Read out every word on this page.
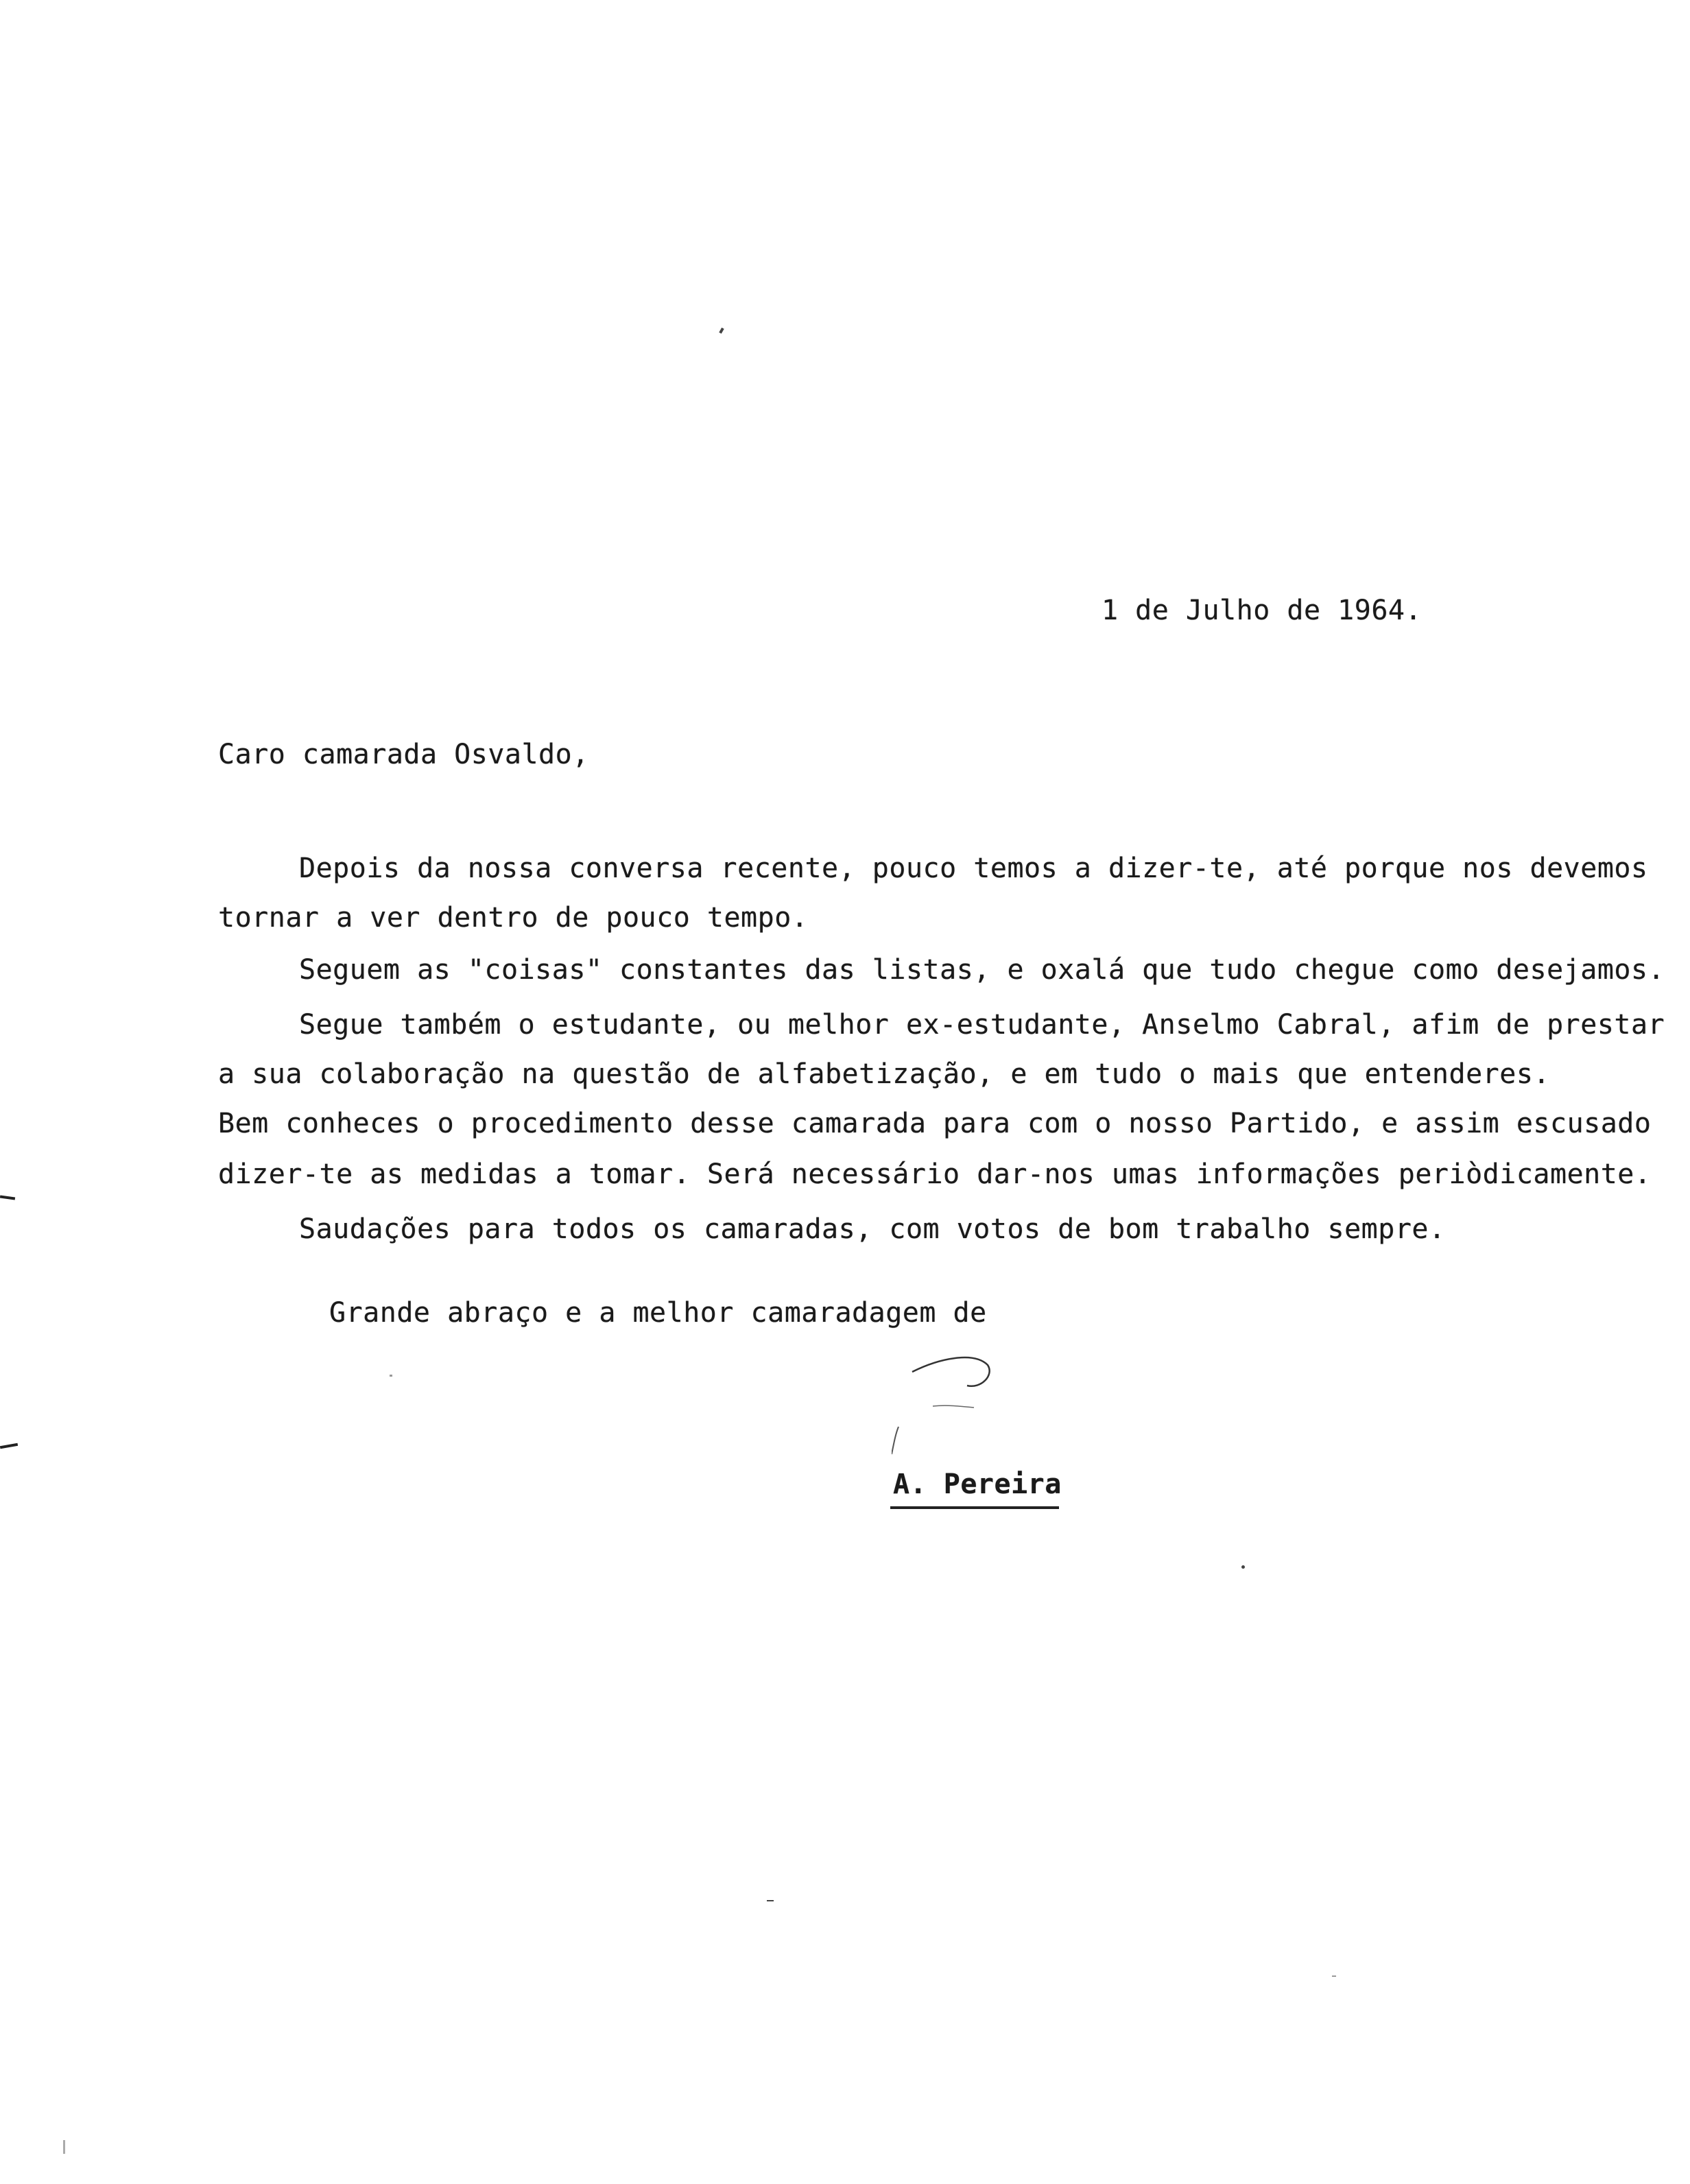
1 de Julho de 1964.
Caro camarada Osvaldo,
Depois da nossa conversa recente, pouco temos a dizer-te, até porque nos devemos
tornar a ver dentro de pouco tempo.
Seguem as "coisas" constantes das listas, e oxalá que tudo chegue como desejamos.
Segue também o estudante, ou melhor ex-estudante, Anselmo Cabral, afim de prestar
a sua colaboração na questão de alfabetização, e em tudo o mais que entenderes.
Bem conheces o procedimento desse camarada para com o nosso Partido, e assim escusado
dizer-te as medidas a tomar. Será necessário dar-nos umas informações periòdicamente.
Saudações para todos os camaradas, com votos de bom trabalho sempre.
Grande abraço e a melhor camaradagem de
A. Pereira
